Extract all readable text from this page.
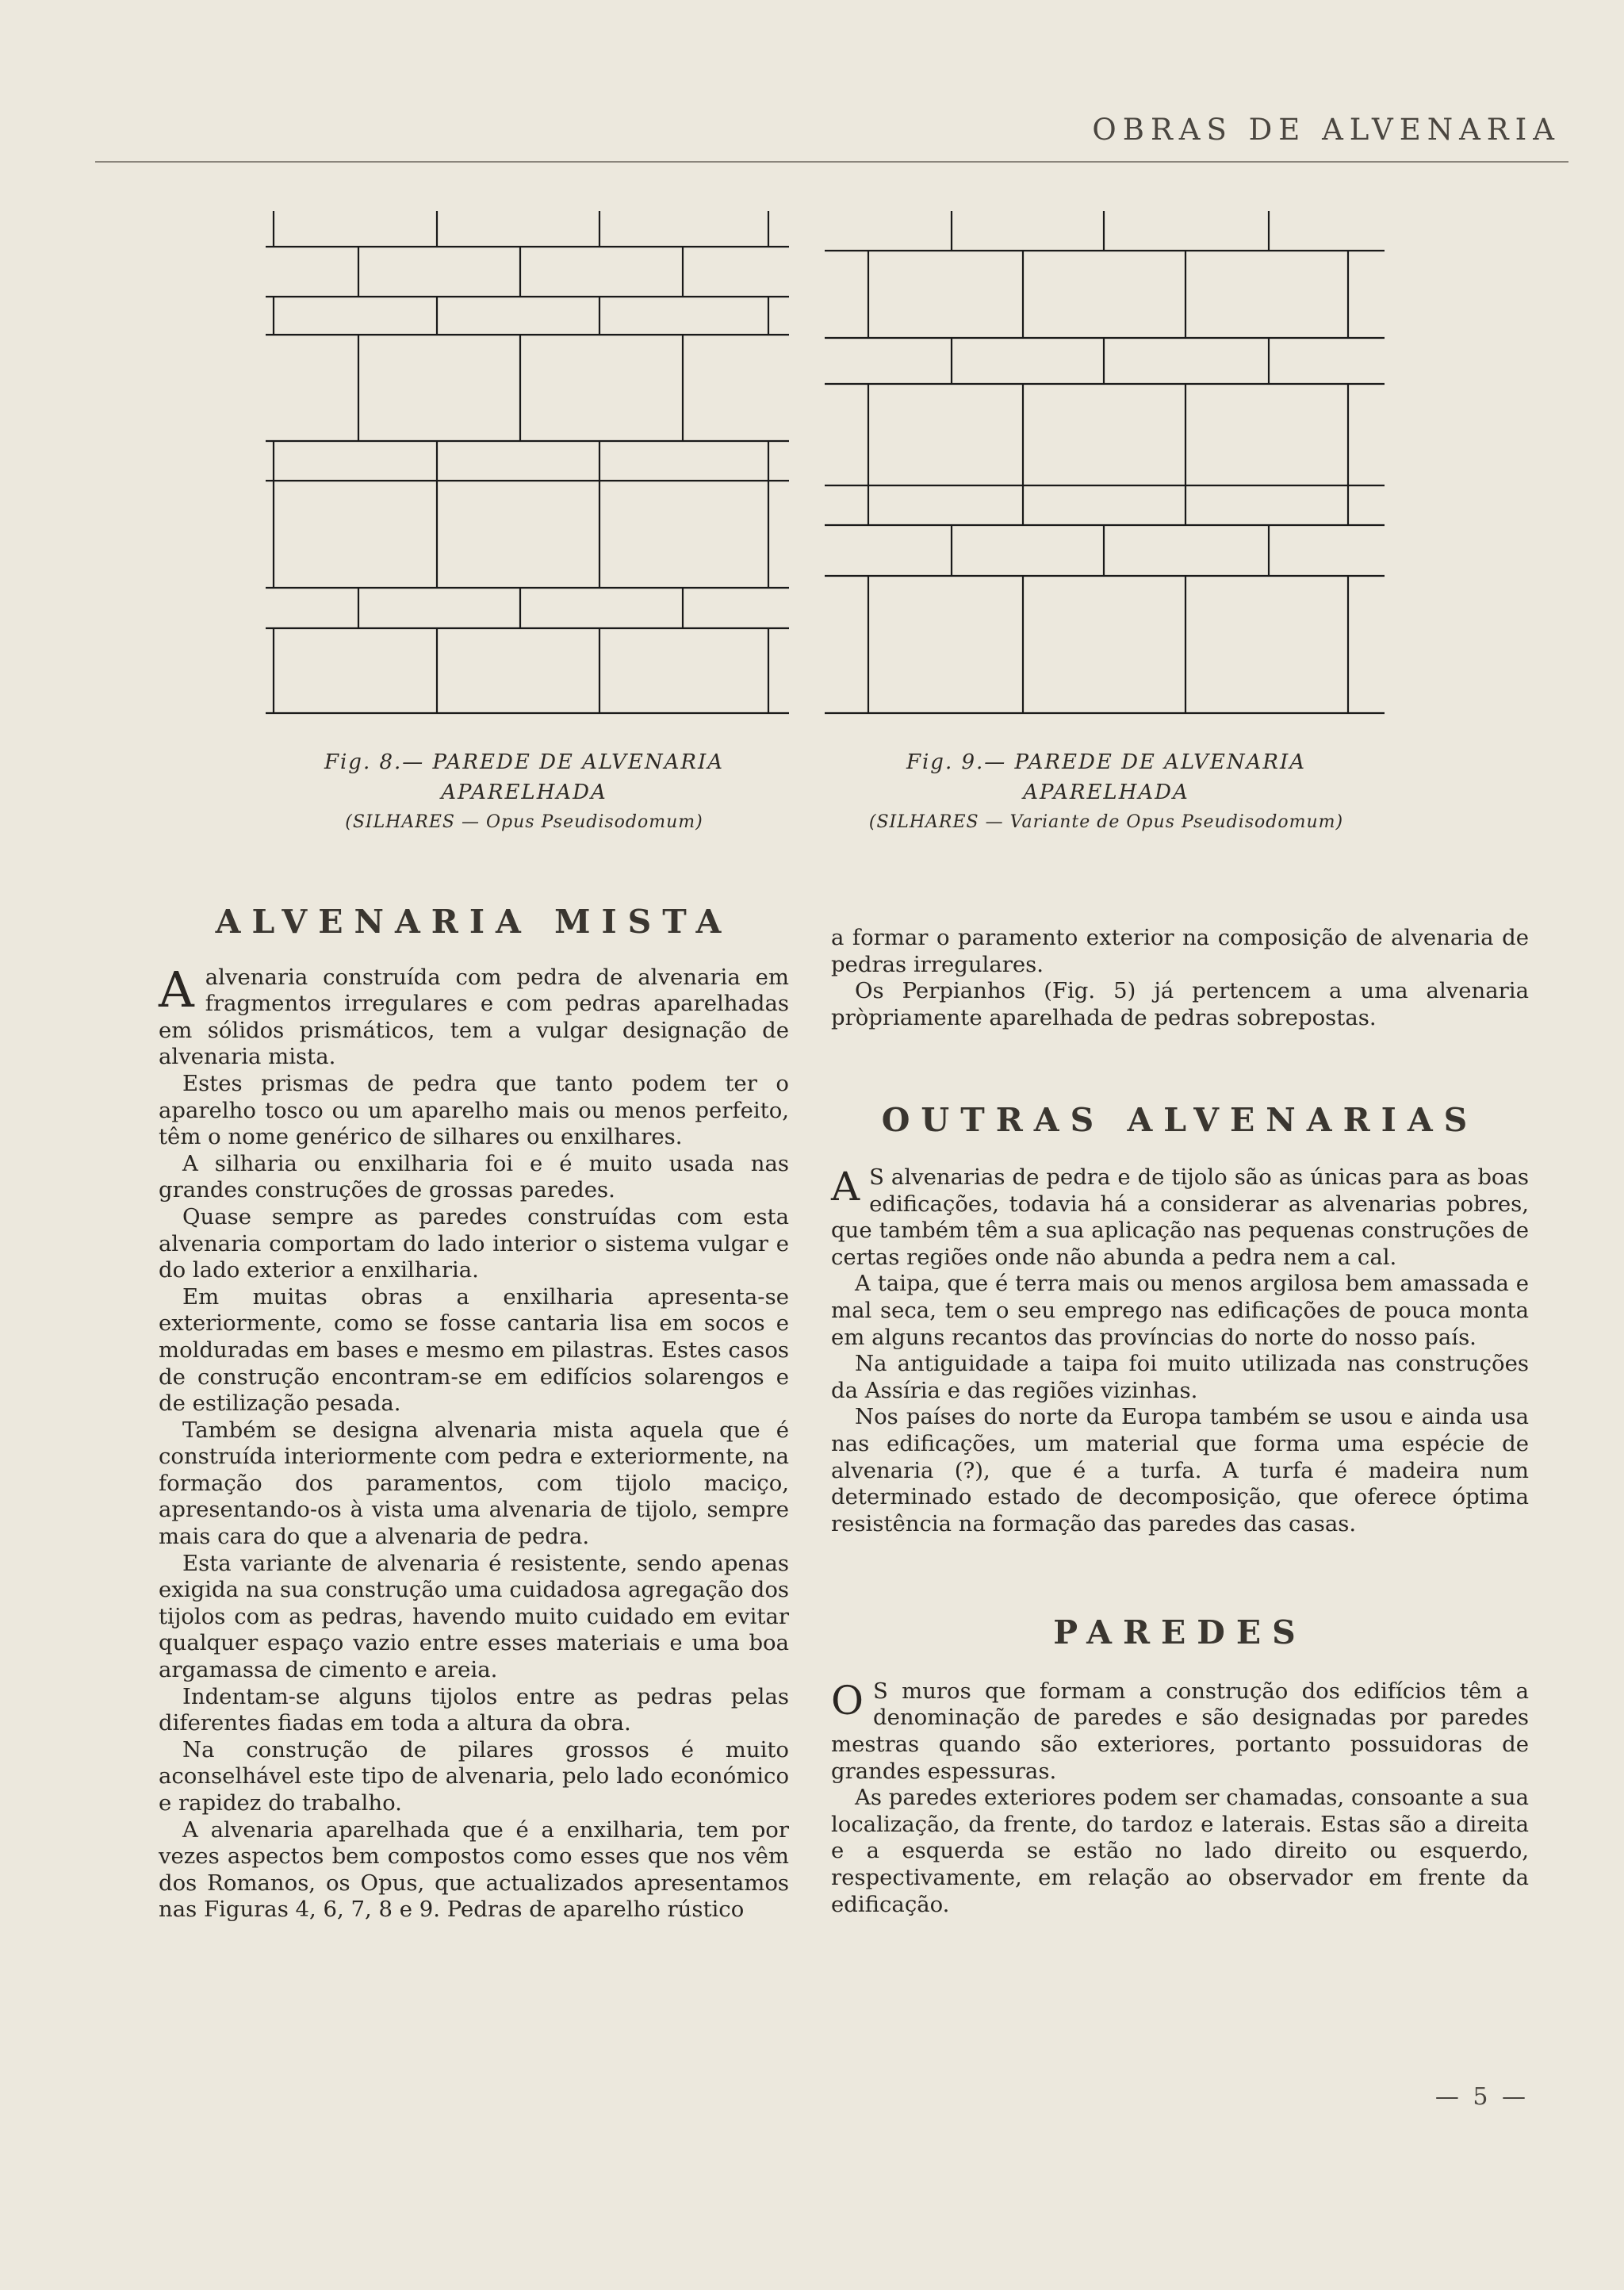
OBRAS DE ALVENARIA
Fig. 8.— PAREDE DE ALVENARIA
APARELHADA
(SILHARES — Opus Pseudisodomum)
Fig. 9.— PAREDE DE ALVENARIA
APARELHADA
(SILHARES — Variante de Opus Pseudisodomum)
ALVENARIA MISTA

Aalvenaria construída com pedra de alvenaria em fragmentos irregulares e com pedras aparelhadas em sólidos prismáticos, tem a vulgar designação de alvenaria mista.

Estes prismas de pedra que tanto podem ter o aparelho tosco ou um aparelho mais ou menos perfeito, têm o nome genérico de silhares ou enxilhares.

A silharia ou enxilharia foi e é muito usada nas grandes construções de grossas paredes.

Quase sempre as paredes construídas com esta alvenaria comportam do lado interior o sistema vulgar e do lado exterior a enxilharia.

Em muitas obras a enxilharia apresenta-se exteriormente, como se fosse cantaria lisa em socos e molduradas em bases e mesmo em pilastras. Estes casos de construção encontram-se em edifícios solarengos e de estilização pesada.

Também se designa alvenaria mista aquela que é construída interiormente com pedra e exteriormente, na formação dos paramentos, com tijolo maciço, apresentando-os à vista uma alvenaria de tijolo, sempre mais cara do que a alvenaria de pedra.

Esta variante de alvenaria é resistente, sendo apenas exigida na sua construção uma cuidadosa agregação dos tijolos com as pedras, havendo muito cuidado em evitar qualquer espaço vazio entre esses materiais e uma boa argamassa de cimento e areia.

Indentam-se alguns tijolos entre as pedras pelas diferentes fiadas em toda a altura da obra.

Na construção de pilares grossos é muito aconselhável este tipo de alvenaria, pelo lado económico e rapidez do trabalho.

A alvenaria aparelhada que é a enxilharia, tem por vezes aspectos bem compostos como esses que nos vêm dos Romanos, os Opus, que actualizados apresentamos nas Figuras 4, 6, 7, 8 e 9. Pedras de aparelho rústico

a formar o paramento exterior na composição de alvenaria de pedras irregulares.

Os Perpianhos (Fig. 5) já pertencem a uma alvenaria pròpriamente aparelhada de pedras sobrepostas.

OUTRAS ALVENARIAS

A S alvenarias de pedra e de tijolo são as únicas para as boas edificações, todavia há a considerar as alvenarias pobres, que também têm a sua aplicação nas pequenas construções de certas regiões onde não abunda a pedra nem a cal.

A taipa, que é terra mais ou menos argilosa bem amassada e mal seca, tem o seu emprego nas edificações de pouca monta em alguns recantos das províncias do norte do nosso país.

Na antiguidade a taipa foi muito utilizada nas construções da Assíria e das regiões vizinhas.

Nos países do norte da Europa também se usou e ainda usa nas edificações, um material que forma uma espécie de alvenaria (?), que é a turfa. A turfa é madeira num determinado estado de decomposição, que oferece óptima resistência na formação das paredes das casas.

PAREDES

O S muros que formam a construção dos edifícios têm a denominação de paredes e são designadas por paredes mestras quando são exteriores, portanto possuidoras de grandes espessuras.

As paredes exteriores podem ser chamadas, consoante a sua localização, da frente, do tardoz e laterais. Estas são a direita e a esquerda se estão no lado direito ou esquerdo, respectivamente, em relação ao observador em frente da edificação.

— 5 —
